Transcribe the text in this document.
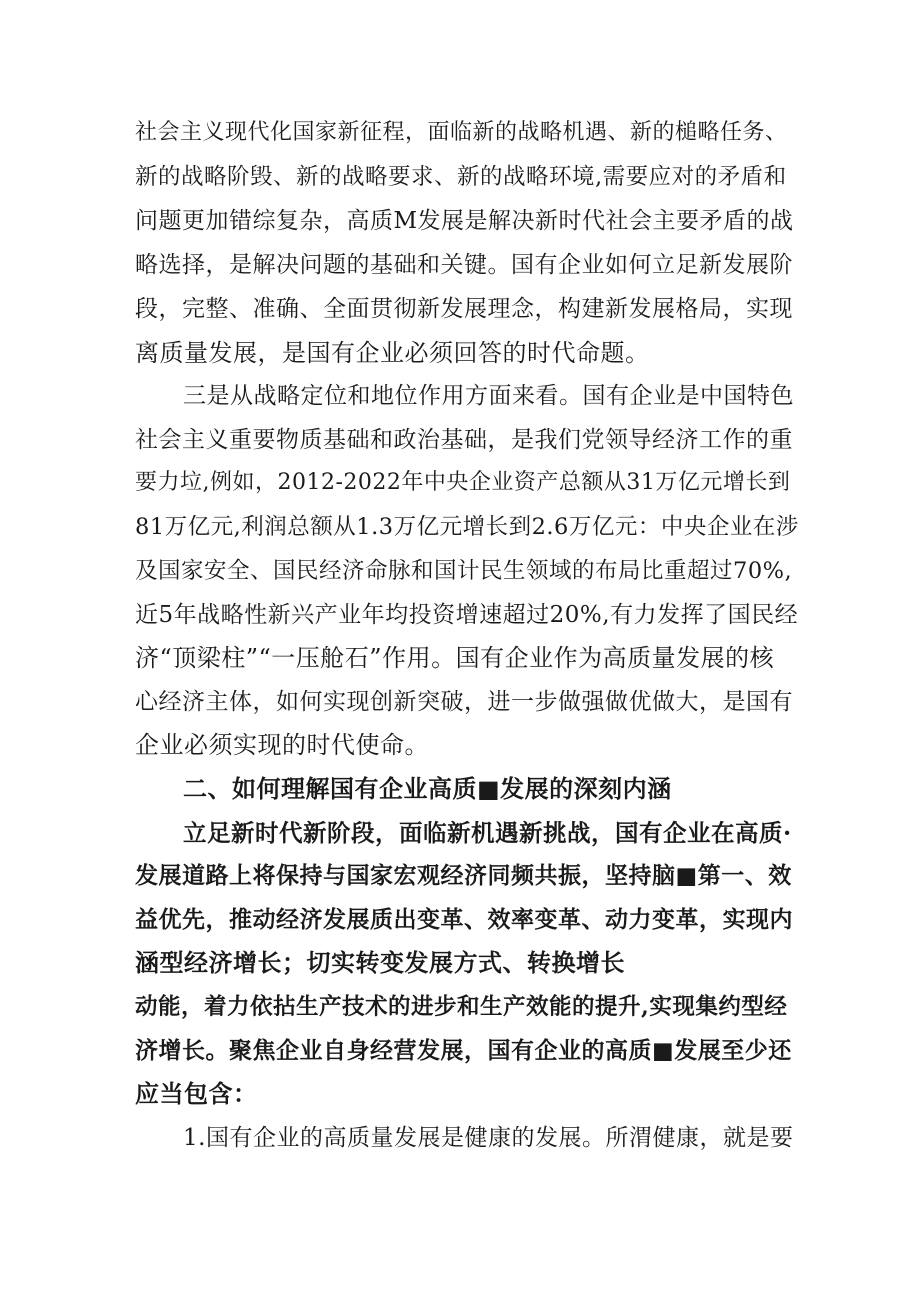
社会主义现代化国家新征程，面临新的战略机遇、新的槌略任务、
新的战略阶毁、新的战略要求、新的战略环境,需要应对的矛盾和
问题更加错综复杂，高质M发展是解决新时代社会主要矛盾的战
略选择，是解决问题的基础和关键。国有企业如何立足新发展阶
段，完整、准确、全面贯彻新发展理念，构建新发展格局，实现
离质量发展，是国有企业必须回答的时代命题。
三是从战略定位和地位作用方面来看。国有企业是中国特色
社会主义重要物质基础和政治基础，是我们党领导经济工作的重
要力垃,例如，2012-2022年中央企业资产总额从31万亿元增长到
81万亿元,利润总额从1.3万亿元增长到2.6万亿元：中央企业在涉
及国家安全、国民经济命脉和国计民生领域的布局比重超过70%,
近5年战略性新兴产业年均投资增速超过20%,有力发挥了国民经
济“顶梁柱”“一压舱石”作用。国有企业作为高质量发展的核
心经济主体，如何实现创新突破，进一步做强做优做大，是国有
企业必须实现的时代使命。
二、如何理解国有企业高质■发展的深刻内涵
立足新时代新阶段，面临新机遇新挑战，国有企业在高质·
发展道路上将保持与国家宏观经济同频共振，坚持脑■第一、效
益优先，推动经济发展质出变革、效率变革、动力变革，实现内
涵型经济增长；切实转变发展方式、转换增长
动能，着力依拈生产技术的进步和生产效能的提升,实现集约型经
济增长。聚焦企业自身经营发展，国有企业的高质■发展至少还
应当包含：
1.国有企业的高质量发展是健康的发展。所渭健康，就是要
